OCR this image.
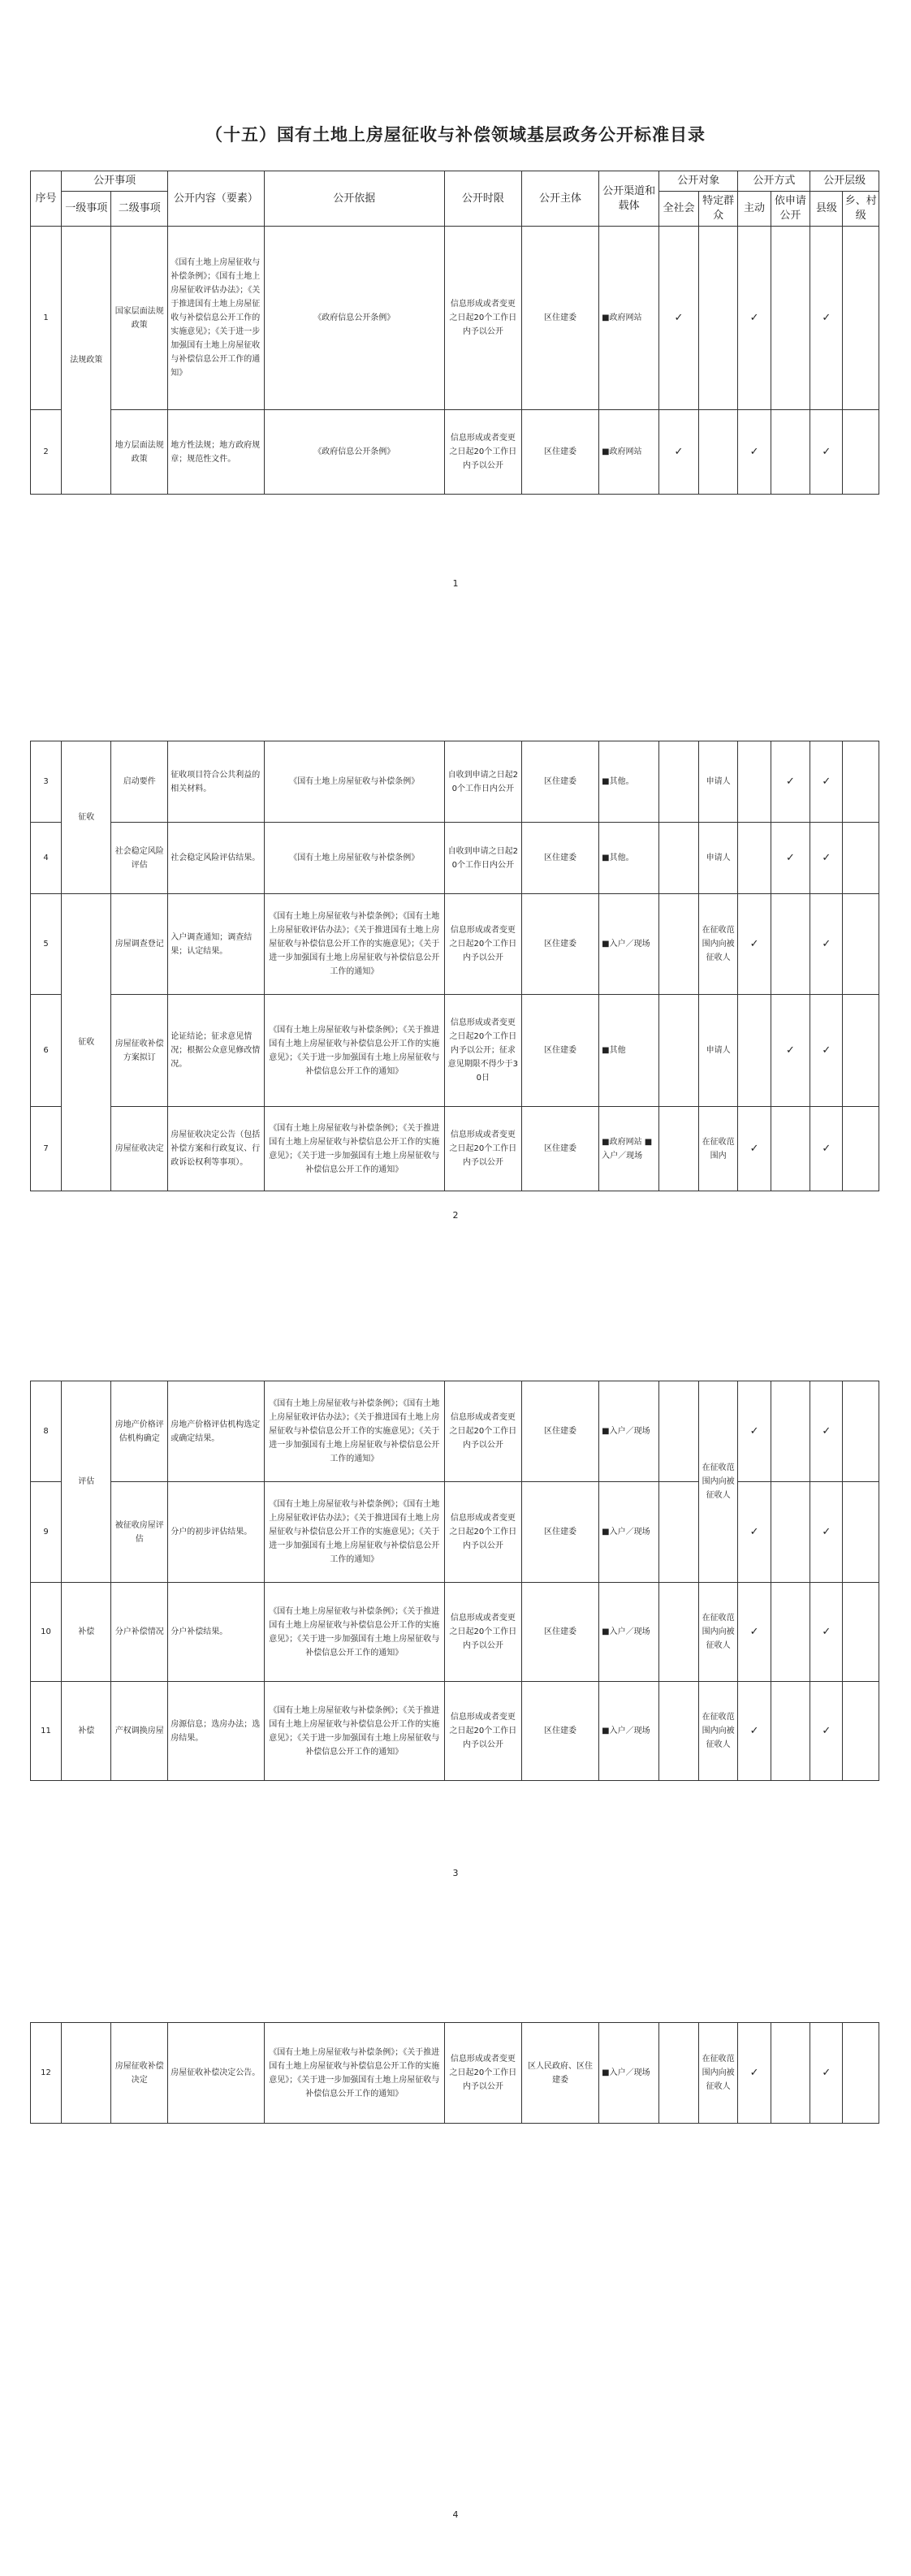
（十五）国有土地上房屋征收与补偿领域基层政务公开标准目录
序号	公开事项		公开内容（要素）	公开依据	公开时限	公开主体	公开渠道和载体	公开对象		公开方式		公开层级	
	一级事项	二级事项						全社会	特定群众	主动	依申请公开	县级	乡、村级
1	法规政策	国家层面法规政策	《国有土地上房屋征收与补偿条例》；《国有土地上房屋征收评估办法》；《关于推进国有土地上房屋征收与补偿信息公开工作的实施意见》；《关于进一步加强国有土地上房屋征收与补偿信息公开工作的通知》	《政府信息公开条例》	信息形成或者变更之日起20个工作日内予以公开	区住建委	■政府网站	✓		✓		✓	
2		地方层面法规政策	地方性法规；地方政府规章；规范性文件。	《政府信息公开条例》	信息形成或者变更之日起20个工作日内予以公开	区住建委	■政府网站	✓		✓		✓	
1
3	征收	启动要件	征收项目符合公共利益的相关材料。	《国有土地上房屋征收与补偿条例》	自收到申请之日起20个工作日内公开	区住建委	■其他。		申请人		✓	✓	
4		社会稳定风险评估	社会稳定风险评估结果。	《国有土地上房屋征收与补偿条例》	自收到申请之日起20个工作日内公开	区住建委	■其他。		申请人		✓	✓	
5	征收	房屋调查登记	入户调查通知；调查结果；认定结果。	《国有土地上房屋征收与补偿条例》；《国有土地上房屋征收评估办法》；《关于推进国有土地上房屋征收与补偿信息公开工作的实施意见》；《关于进一步加强国有土地上房屋征收与补偿信息公开工作的通知》	信息形成或者变更之日起20个工作日内予以公开	区住建委	■入户／现场		在征收范围内向被征收人	✓		✓	
6		房屋征收补偿方案拟订	论证结论；征求意见情况；根据公众意见修改情况。	《国有土地上房屋征收与补偿条例》；《关于推进国有土地上房屋征收与补偿信息公开工作的实施意见》；《关于进一步加强国有土地上房屋征收与补偿信息公开工作的通知》	信息形成或者变更之日起20个工作日内予以公开；征求意见期限不得少于30日	区住建委	■其他		申请人		✓	✓	
7		房屋征收决定	房屋征收决定公告（包括补偿方案和行政复议、行政诉讼权利等事项）。	《国有土地上房屋征收与补偿条例》；《关于推进国有土地上房屋征收与补偿信息公开工作的实施意见》；《关于进一步加强国有土地上房屋征收与补偿信息公开工作的通知》	信息形成或者变更之日起20个工作日内予以公开	区住建委	■政府网站 ■入户／现场		在征收范围内	✓		✓	
2
8	评估	房地产价格评估机构确定	房地产价格评估机构选定或确定结果。	《国有土地上房屋征收与补偿条例》；《国有土地上房屋征收评估办法》；《关于推进国有土地上房屋征收与补偿信息公开工作的实施意见》；《关于进一步加强国有土地上房屋征收与补偿信息公开工作的通知》	信息形成或者变更之日起20个工作日内予以公开	区住建委	■入户／现场		在征收范围内向被征收人	✓		✓	
9		被征收房屋评估	分户的初步评估结果。	《国有土地上房屋征收与补偿条例》；《国有土地上房屋征收评估办法》；《关于推进国有土地上房屋征收与补偿信息公开工作的实施意见》；《关于进一步加强国有土地上房屋征收与补偿信息公开工作的通知》	信息形成或者变更之日起20个工作日内予以公开	区住建委	■入户／现场			✓		✓	
10	补偿	分户补偿情况	分户补偿结果。	《国有土地上房屋征收与补偿条例》；《关于推进国有土地上房屋征收与补偿信息公开工作的实施意见》；《关于进一步加强国有土地上房屋征收与补偿信息公开工作的通知》	信息形成或者变更之日起20个工作日内予以公开	区住建委	■入户／现场		在征收范围内向被征收人	✓		✓	
11	补偿	产权调换房屋	房源信息；选房办法；选房结果。	《国有土地上房屋征收与补偿条例》；《关于推进国有土地上房屋征收与补偿信息公开工作的实施意见》；《关于进一步加强国有土地上房屋征收与补偿信息公开工作的通知》	信息形成或者变更之日起20个工作日内予以公开	区住建委	■入户／现场		在征收范围内向被征收人	✓		✓	
3
12		房屋征收补偿决定	房屋征收补偿决定公告。	《国有土地上房屋征收与补偿条例》；《关于推进国有土地上房屋征收与补偿信息公开工作的实施意见》；《关于进一步加强国有土地上房屋征收与补偿信息公开工作的通知》	信息形成或者变更之日起20个工作日内予以公开	区人民政府、区住建委	■入户／现场		在征收范围内向被征收人	✓		✓	
4
